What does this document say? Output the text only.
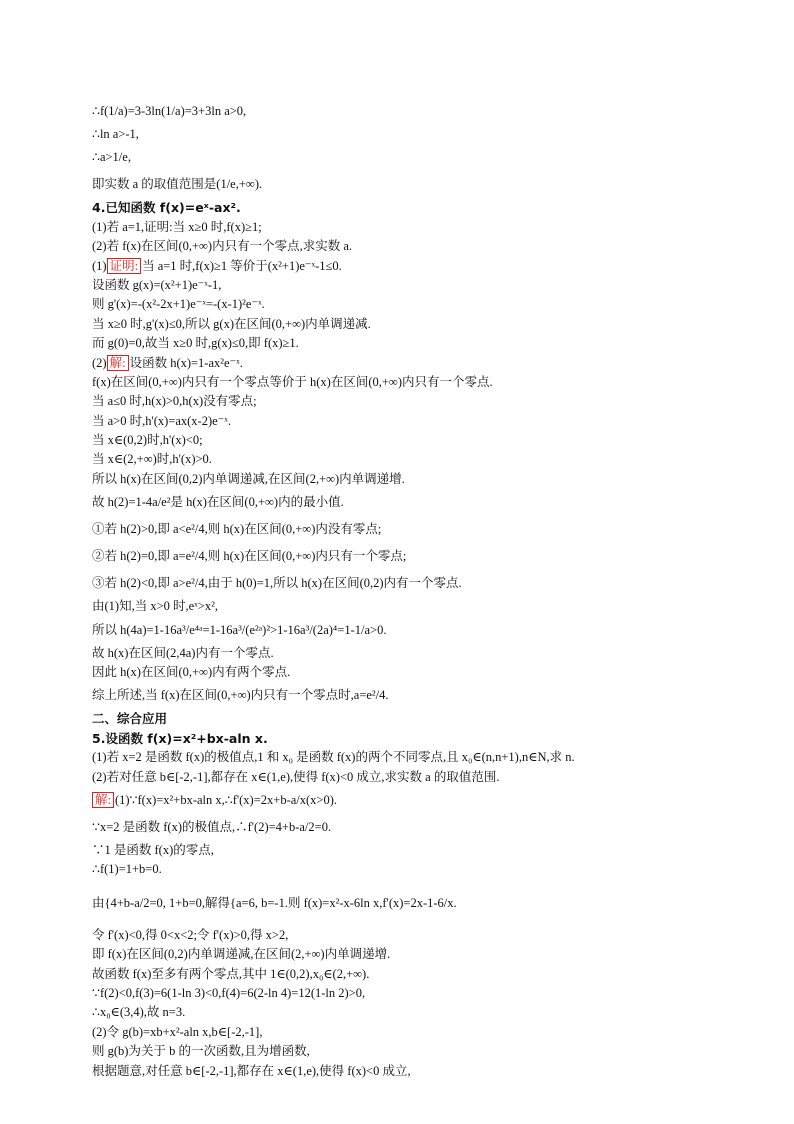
∴f(1/a)=3-3ln(1/a)=3+3ln a>0,
∴ln a>-1,
∴a>1/e,
即实数 a 的取值范围是(1/e,+∞).
4.已知函数 f(x)=eˣ-ax².
(1)若 a=1,证明:当 x≥0 时,f(x)≥1;
(2)若 f(x)在区间(0,+∞)内只有一个零点,求实数 a.
(1) 证明: 当 a=1 时,f(x)≥1 等价于(x²+1)e⁻ˣ-1≤0.
设函数 g(x)=(x²+1)e⁻ˣ-1,
则 g'(x)=-(x²-2x+1)e⁻ˣ=-(x-1)²e⁻ˣ.
当 x≥0 时,g'(x)≤0,所以 g(x)在区间(0,+∞)内单调递减.
而 g(0)=0,故当 x≥0 时,g(x)≤0,即 f(x)≥1.
(2) 解: 设函数 h(x)=1-ax²e⁻ˣ.
f(x)在区间(0,+∞)内只有一个零点等价于 h(x)在区间(0,+∞)内只有一个零点.
当 a≤0 时,h(x)>0,h(x)没有零点;
当 a>0 时,h'(x)=ax(x-2)e⁻ˣ.
当 x∈(0,2)时,h'(x)<0;
当 x∈(2,+∞)时,h'(x)>0.
所以 h(x)在区间(0,2)内单调递减,在区间(2,+∞)内单调递增.
故 h(2)=1-4a/e²是 h(x)在区间(0,+∞)内的最小值.
①若 h(2)>0,即 a<e²/4,则 h(x)在区间(0,+∞)内没有零点;
②若 h(2)=0,即 a=e²/4,则 h(x)在区间(0,+∞)内只有一个零点;
③若 h(2)<0,即 a>e²/4,由于 h(0)=1,所以 h(x)在区间(0,2)内有一个零点.
由(1)知,当 x>0 时,eˣ>x²,
所以 h(4a)=1-16a³/e⁴ᵃ=1-16a³/(e²ᵃ)²>1-16a³/(2a)⁴=1-1/a>0.
故 h(x)在区间(2,4a)内有一个零点.
因此 h(x)在区间(0,+∞)内有两个零点.
综上所述,当 f(x)在区间(0,+∞)内只有一个零点时,a=e²/4.
二、综合应用
5.设函数 f(x)=x²+bx-aln x.
(1)若 x=2 是函数 f(x)的极值点,1 和 x₀ 是函数 f(x)的两个不同零点,且 x₀∈(n,n+1),n∈N,求 n.
(2)若对任意 b∈[-2,-1],都存在 x∈(1,e),使得 f(x)<0 成立,求实数 a 的取值范围.
解: (1)∵f(x)=x²+bx-aln x,∴f'(x)=2x+b-a/x(x>0).
∵x=2 是函数 f(x)的极值点,∴f'(2)=4+b-a/2=0.
∵1 是函数 f(x)的零点,
∴f(1)=1+b=0.
由{4+b-a/2=0, 1+b=0,解得{a=6, b=-1.则 f(x)=x²-x-6ln x,f'(x)=2x-1-6/x.
令 f'(x)<0,得 0<x<2;令 f'(x)>0,得 x>2,
即 f(x)在区间(0,2)内单调递减,在区间(2,+∞)内单调递增.
故函数 f(x)至多有两个零点,其中 1∈(0,2),x₀∈(2,+∞).
∵f(2)<0,f(3)=6(1-ln 3)<0,f(4)=6(2-ln 4)=12(1-ln 2)>0,
∴x₀∈(3,4),故 n=3.
(2)令 g(b)=xb+x²-aln x,b∈[-2,-1],
则 g(b)为关于 b 的一次函数,且为增函数,
根据题意,对任意 b∈[-2,-1],都存在 x∈(1,e),使得 f(x)<0 成立,
